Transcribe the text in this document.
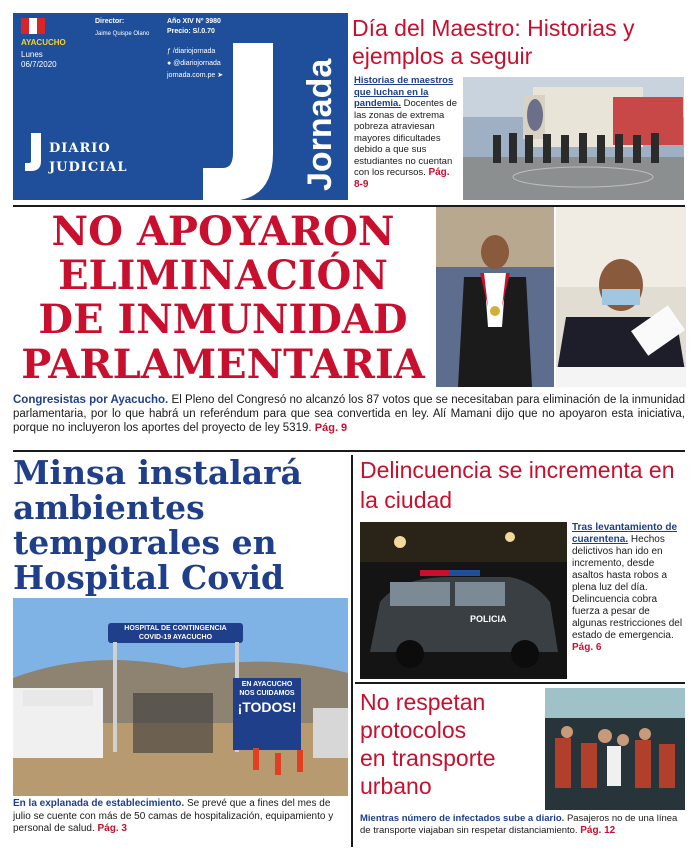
AYACUCHO
Lunes
06/7/2020
Director:
Jaime Quispe Olano
Año XIV Nº 3980
Precio: S/.0.70
ƒ /diariojornada
● @diariojornada
jornada.com.pe ➤ Jornada
DIARIO
JUDICIAL
Día del Maestro: Historias y ejemplos a seguir
Historias de maestros que luchan en la pandemia. Docentes de las zonas de extrema pobreza atraviesan mayores dificultades debido a que sus estudiantes no cuentan con los recursos. Pág. 8-9
NO APOYARON
ELIMINACIÓN
DE INMUNIDAD
PARLAMENTARIA
Congresistas por Ayacucho. El Pleno del Congresó no alcanzó los 87 votos que se necesitaban para eliminación de la inmunidad parlamentaria, por lo que habrá un referéndum para que sea convertida en ley. Alí Mamani dijo que no apoyaron esta iniciativa, porque no incluyeron los aportes del proyecto de ley 5319. Pág. 9
Minsa instalará
ambientes
temporales en
Hospital Covid
HOSPITAL DE CONTINGENCIA
COVID-19 AYACUCHO
EN AYACUCHO
NOS CUIDAMOS
¡TODOS!
En la explanada de establecimiento. Se prevé que a fines del mes de julio se cuente con más de 50 camas de hospitalización, equipamiento y personal de salud. Pág. 3
Delincuencia se incrementa en la ciudad
POLICIA
Tras levantamiento de cuarentena. Hechos delictivos han ido en incremento, desde asaltos hasta robos a plena luz del día. Delincuencia cobra fuerza a pesar de algunas restricciones del estado de emergencia. Pág. 6
No respetan
protocolos
en transporte
urbano
Mientras número de infectados sube a diario. Pasajeros no de una línea de transporte viajaban sin respetar distanciamiento. Pág. 12
